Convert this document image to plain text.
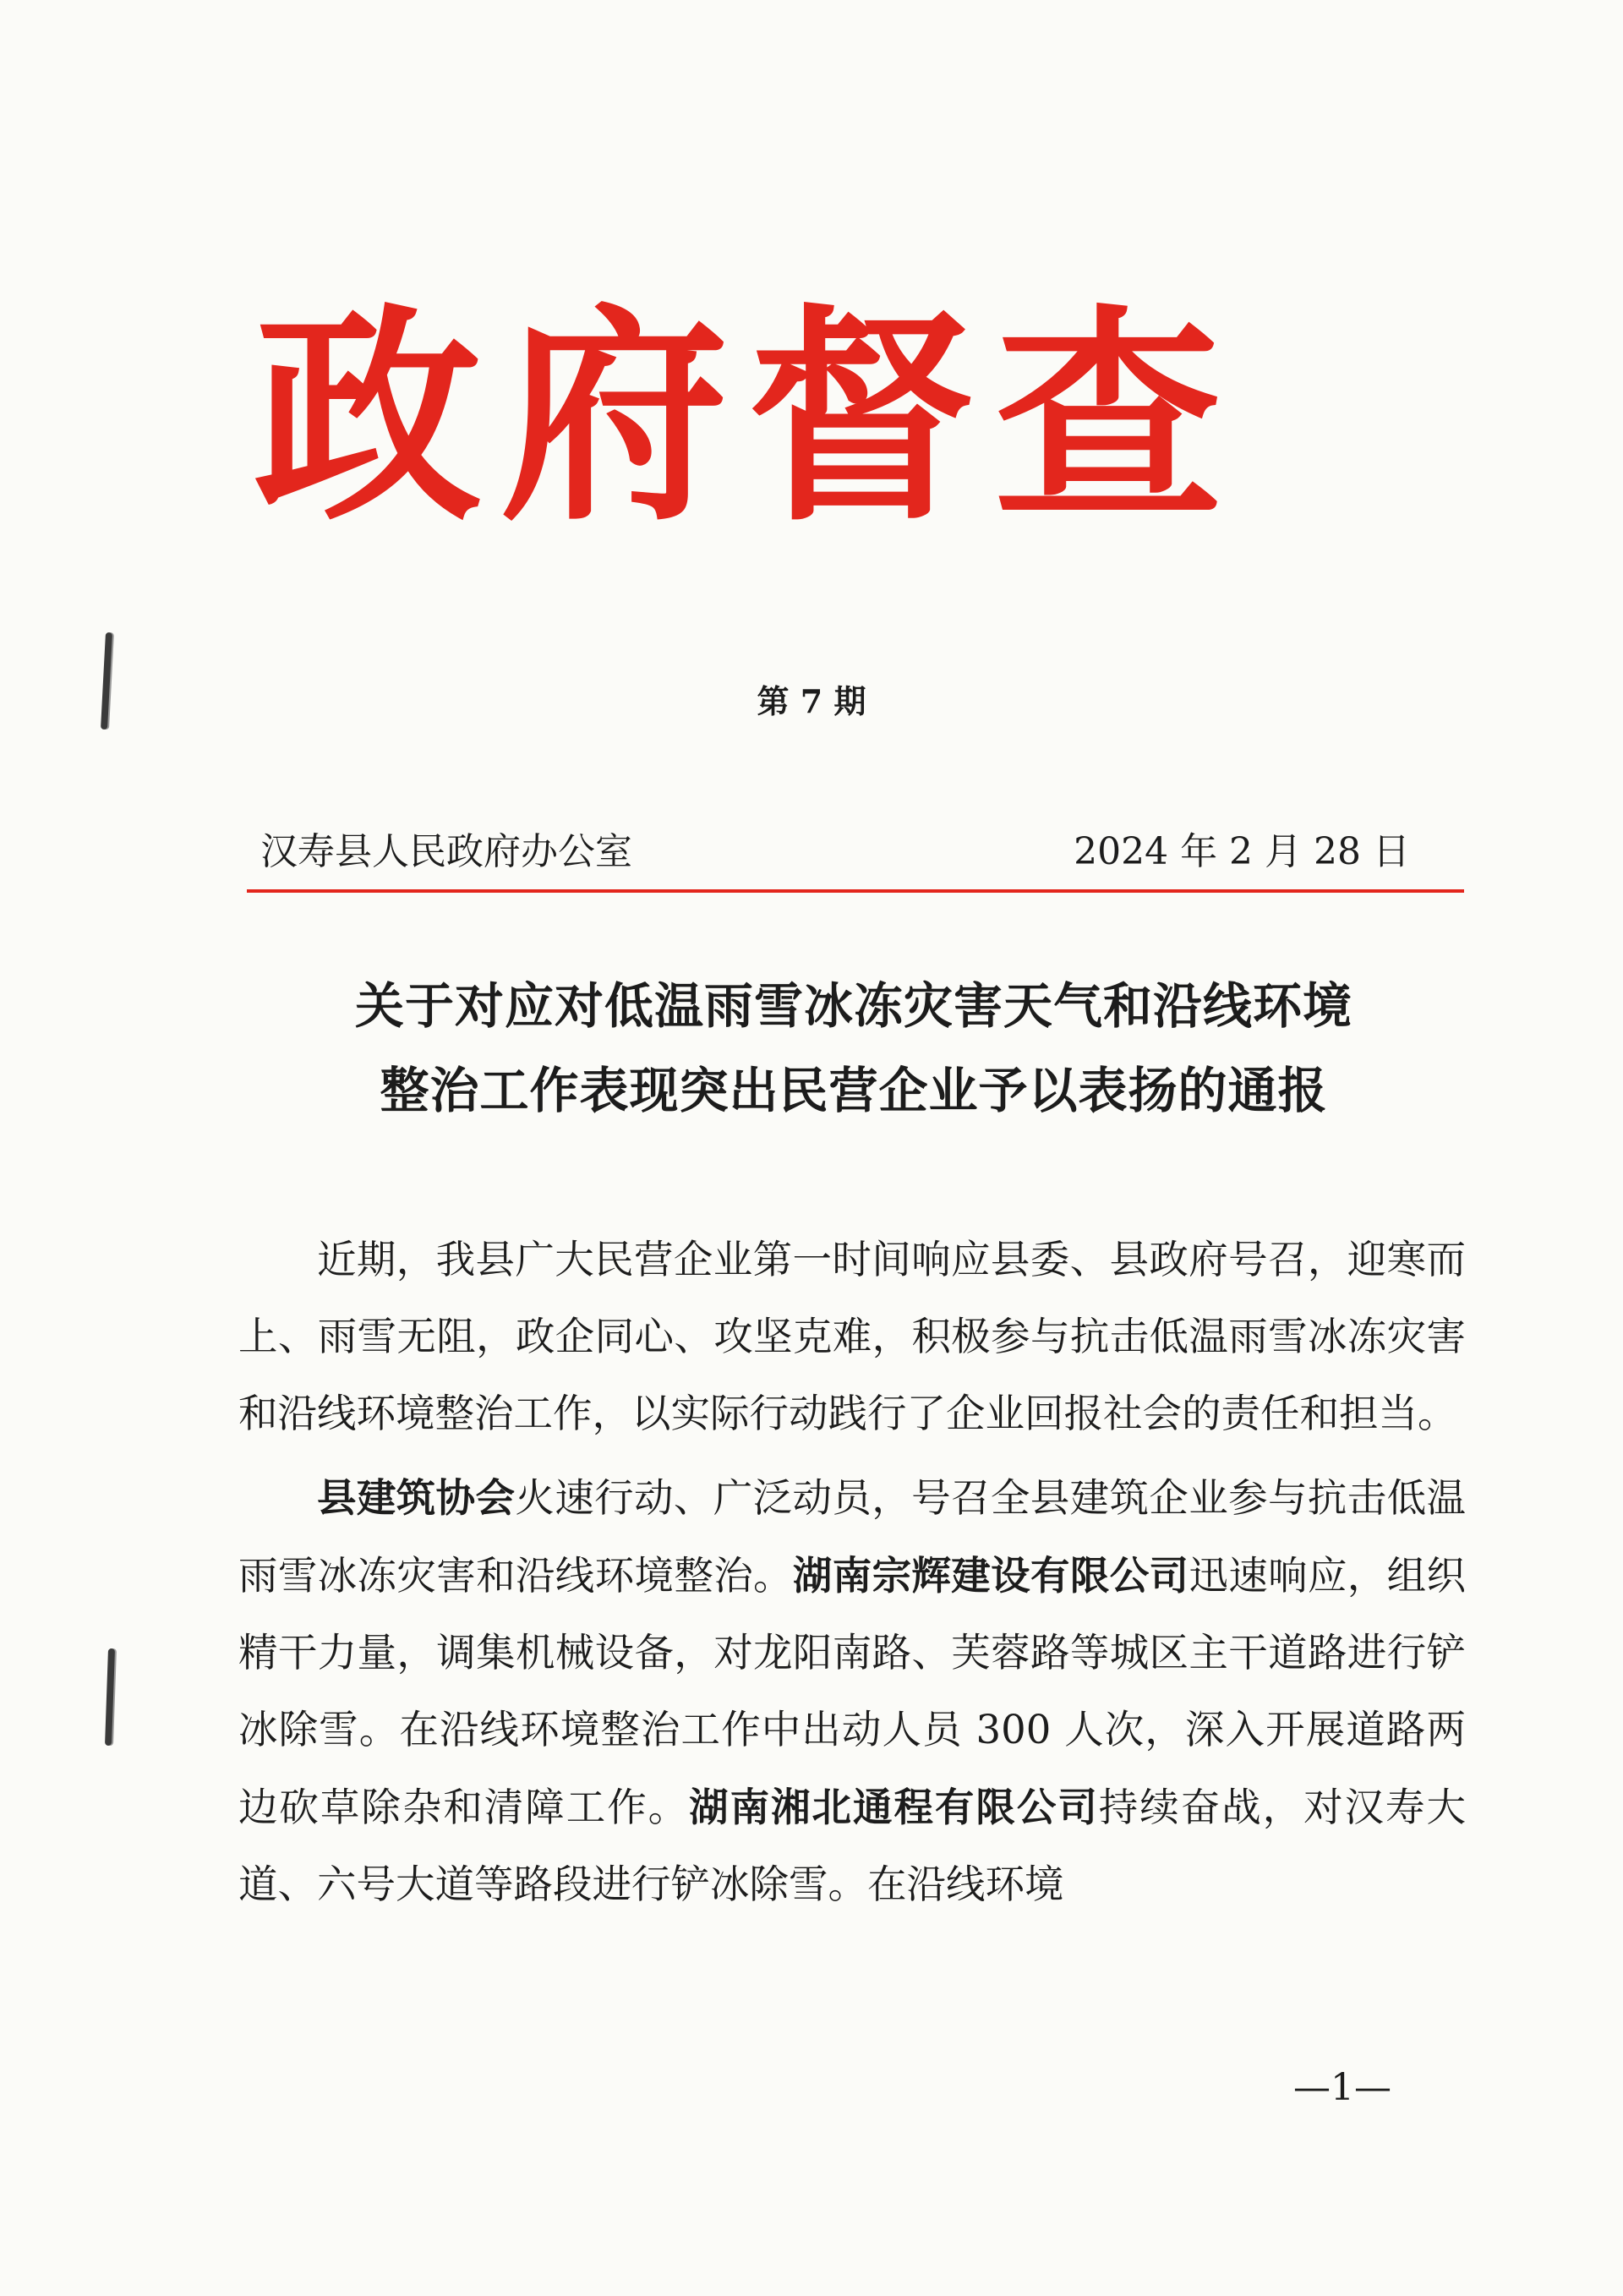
政府督查
第 7 期
汉寿县人民政府办公室	2024 年 2 月 28 日
关于对应对低温雨雪冰冻灾害天气和沿线环境
整治工作表现突出民营企业予以表扬的通报

近期，我县广大民营企业第一时间响应县委、县政府号召，迎寒而上、雨雪无阻，政企同心、攻坚克难，积极参与抗击低温雨雪冰冻灾害和沿线环境整治工作，以实际行动践行了企业回报社会的责任和担当。

县建筑协会火速行动、广泛动员，号召全县建筑企业参与抗击低温雨雪冰冻灾害和沿线环境整治。湖南宗辉建设有限公司迅速响应，组织精干力量，调集机械设备，对龙阳南路、芙蓉路等城区主干道路进行铲冰除雪。在沿线环境整治工作中出动人员 300 人次，深入开展道路两边砍草除杂和清障工作。湖南湘北通程有限公司持续奋战，对汉寿大道、六号大道等路段进行铲冰除雪。在沿线环境

—1—
